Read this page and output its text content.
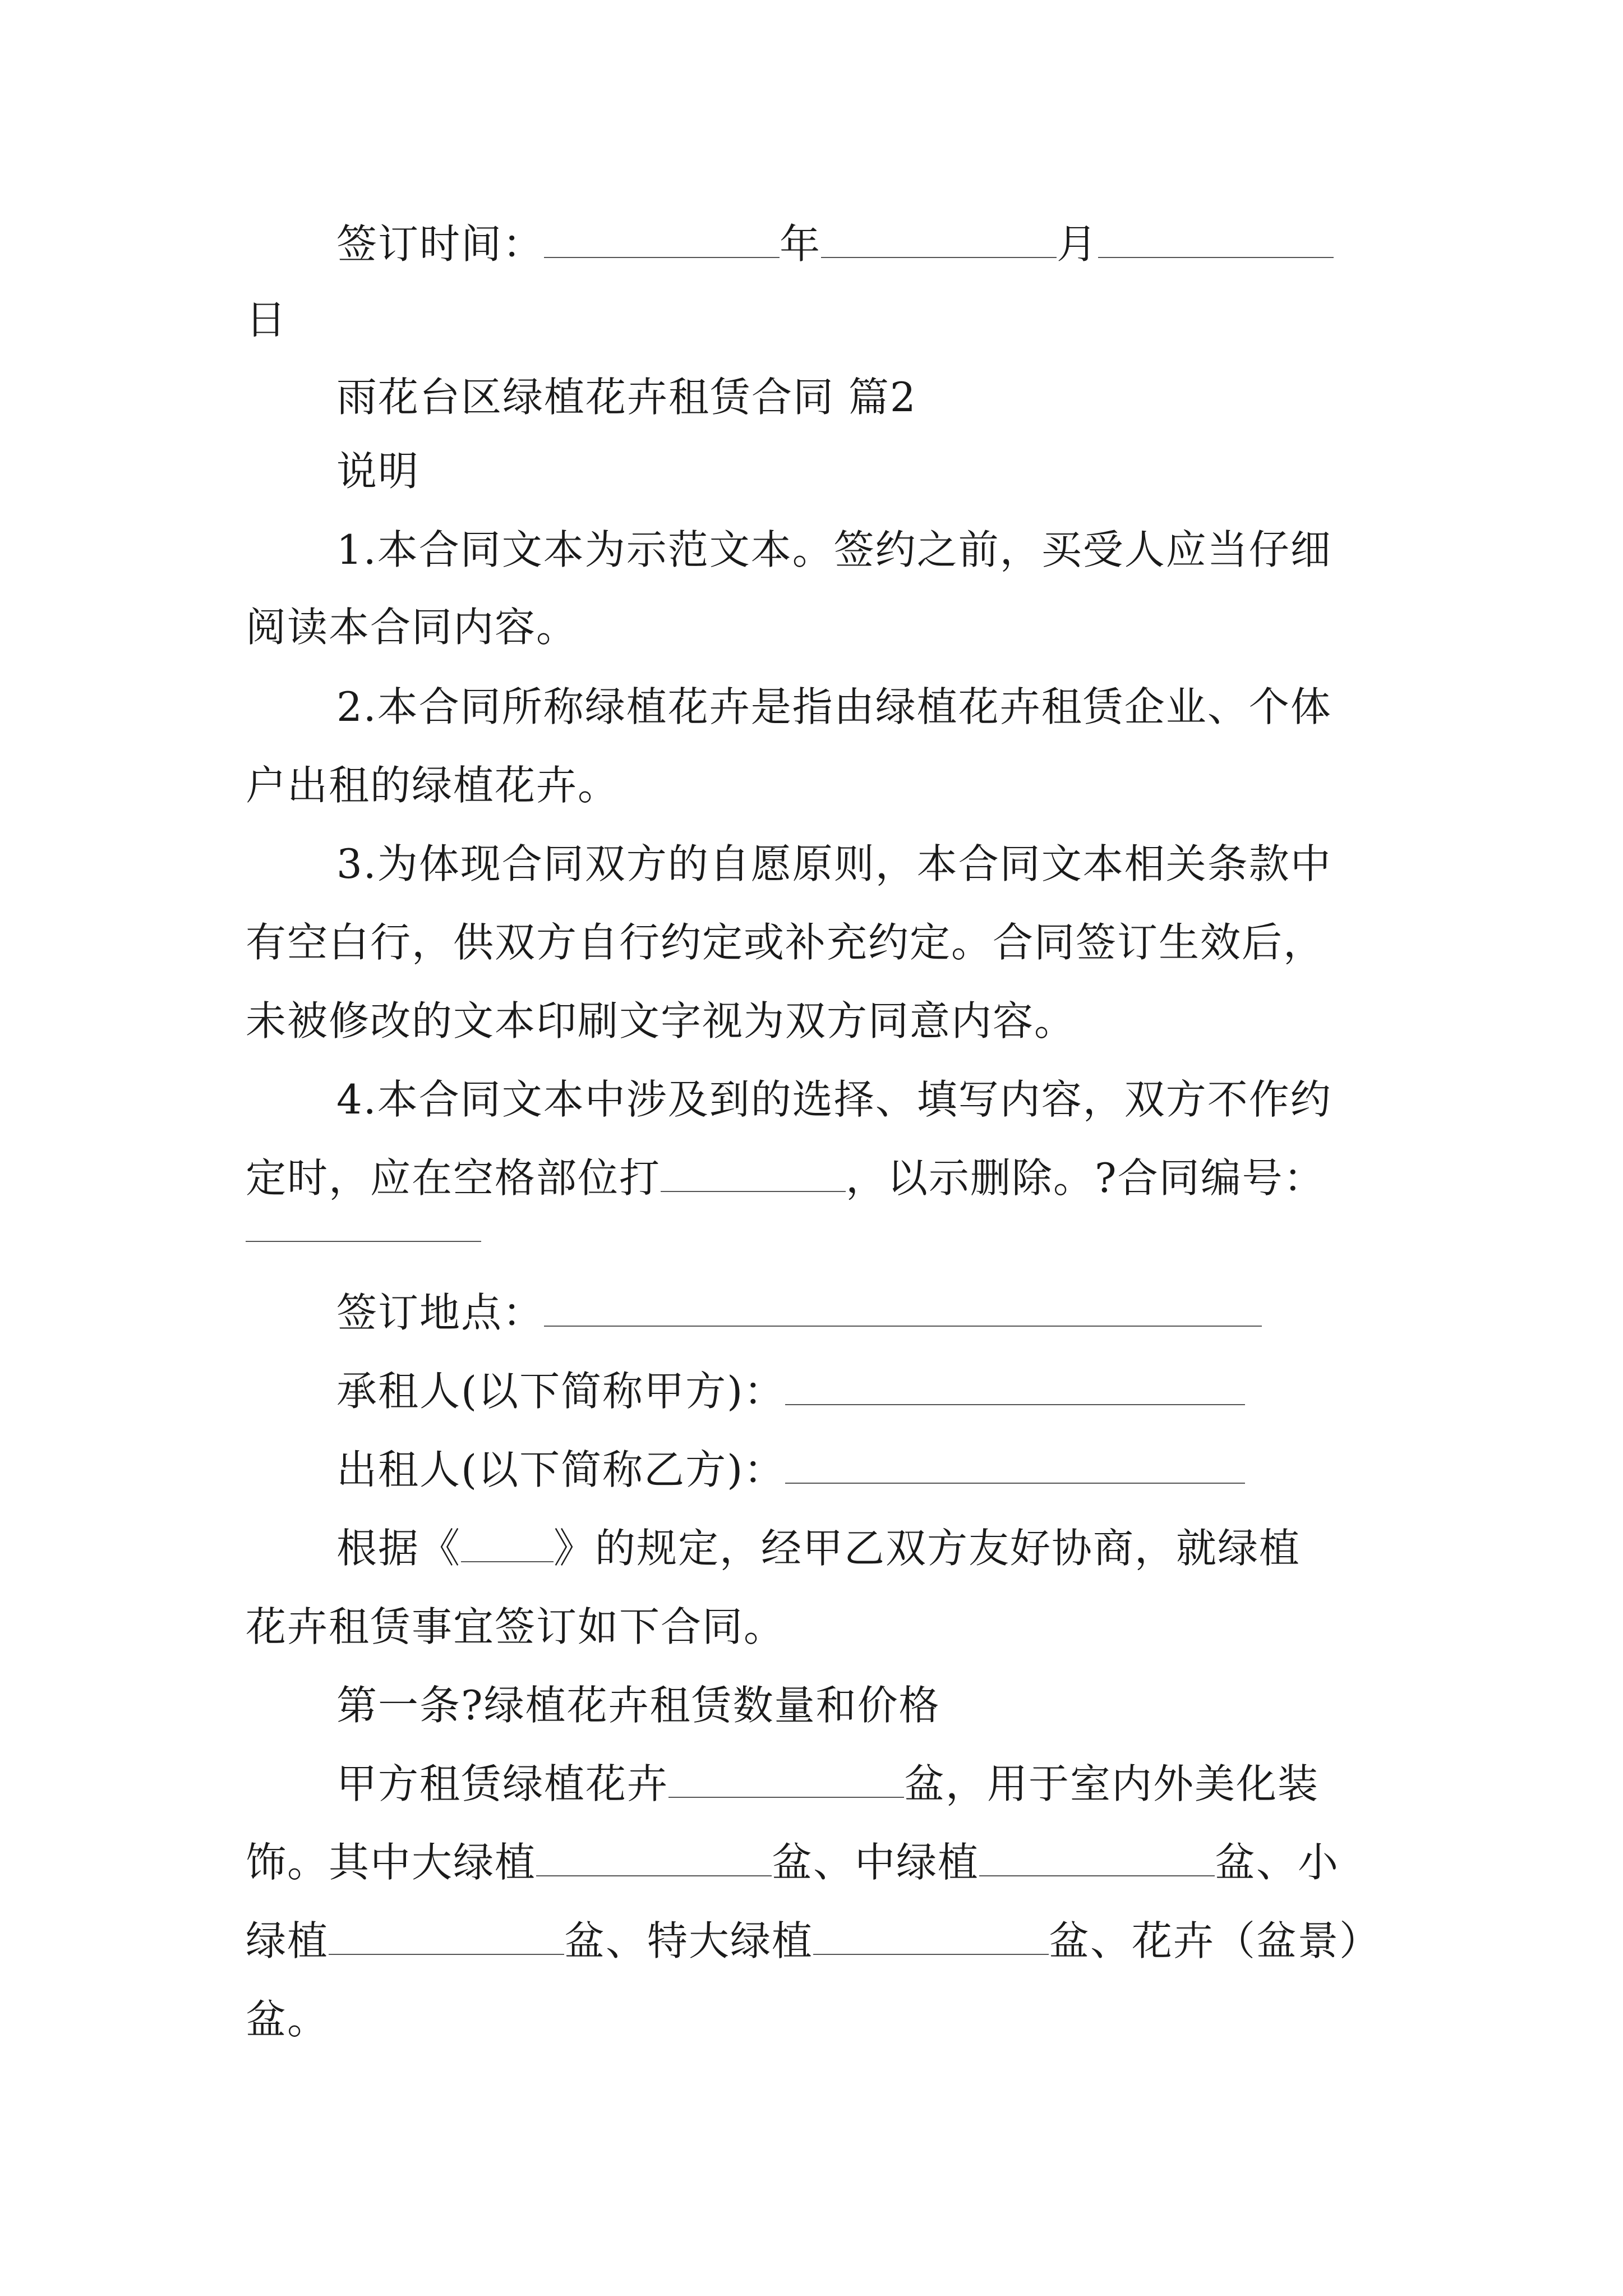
签订时间：	年	月
日
雨花台区绿植花卉租赁合同 篇2
说明
1.本合同文本为示范文本。签约之前，买受人应当仔细
阅读本合同内容。
2.本合同所称绿植花卉是指由绿植花卉租赁企业、个体
户出租的绿植花卉。
3.为体现合同双方的自愿原则，本合同文本相关条款中
有空白行，供双方自行约定或补充约定。合同签订生效后，
未被修改的文本印刷文字视为双方同意内容。
4.本合同文本中涉及到的选择、填写内容，双方不作约
定时，应在空格部位打	，以示删除。?合同编号：
签订地点：
承租人(以下简称甲方)：
出租人(以下简称乙方)：
根据《 》的规定，经甲乙双方友好协商，就绿植
花卉租赁事宜签订如下合同。
第一条?绿植花卉租赁数量和价格
甲方租赁绿植花卉	盆，用于室内外美化装
饰。其中大绿植	盆、中绿植	盆、小
绿植	盆、特大绿植	盆、花卉（盆景）
盆。
